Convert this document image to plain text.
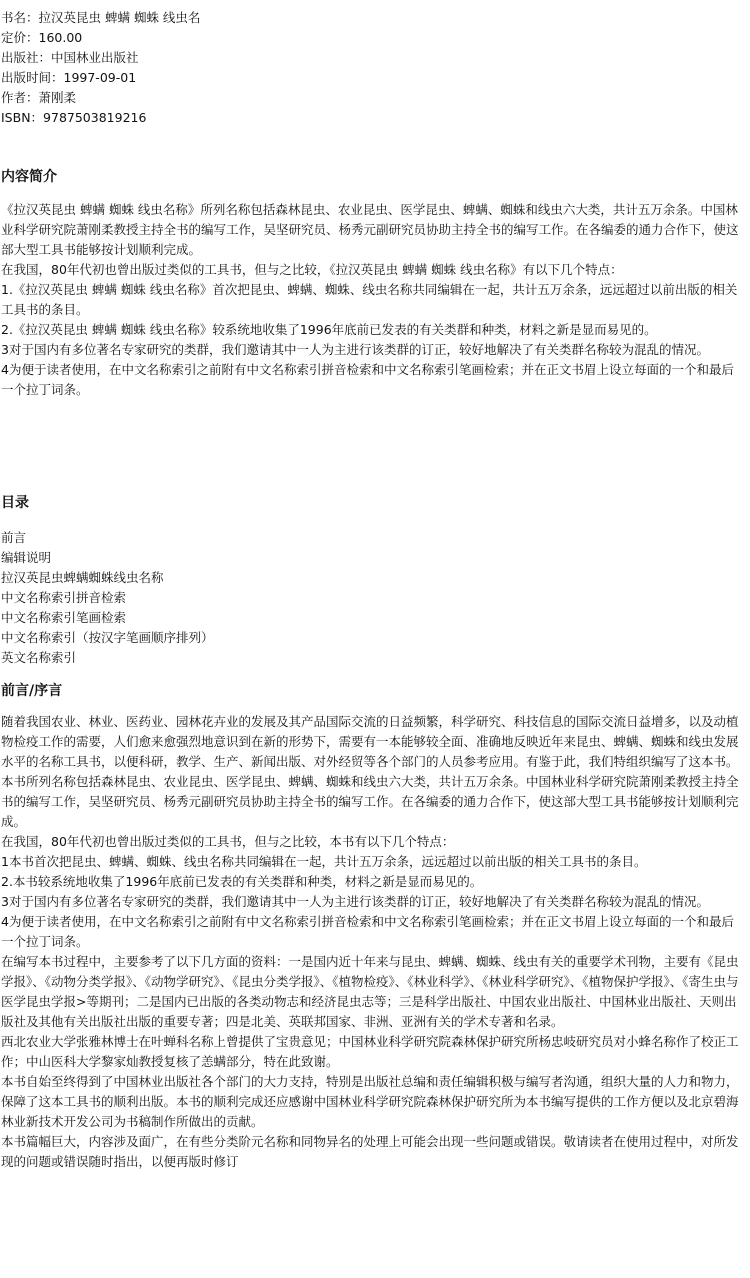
书名：拉汉英昆虫 蜱螨 蜘蛛 线虫名
定价：160.00
出版社：中国林业出版社
出版时间：1997-09-01
作者：萧刚柔
ISBN：9787503819216
内容简介

《拉汉英昆虫 蜱螨 蜘蛛 线虫名称》所列名称包括森林昆虫、农业昆虫、医学昆虫、蜱螨、蜘蛛和线虫六大类，共计五万余条。中国林业科学研究院萧刚柔教授主持全书的编写工作，吴坚研究员、杨秀元副研究员协助主持全书的编写工作。在各编委的通力合作下，使这部大型工具书能够按计划顺利完成。

在我国，80年代初也曾出版过类似的工具书，但与之比较，《拉汉英昆虫 蜱螨 蜘蛛 线虫名称》有以下几个特点：

1.《拉汉英昆虫 蜱螨 蜘蛛 线虫名称》首次把昆虫、蜱螨、蜘蛛、线虫名称共同编辑在一起，共计五万余条，远远超过以前出版的相关工具书的条目。

2.《拉汉英昆虫 蜱螨 蜘蛛 线虫名称》较系统地收集了1996年底前已发表的有关类群和种类，材料之新是显而易见的。

3对于国内有多位著名专家研究的类群，我们邀请其中一人为主进行该类群的订正，较好地解决了有关类群名称较为混乱的情况。

4为便于读者使用，在中文名称索引之前附有中文名称索引拼音检索和中文名称索引笔画检索；并在正文书眉上设立每面的一个和最后一个拉丁词条。

目录
前言
编辑说明
拉汉英昆虫蜱螨蜘蛛线虫名称
中文名称索引拼音检索
中文名称索引笔画检索
中文名称索引（按汉字笔画顺序排列）
英文名称索引
前言/序言

随着我国农业、林业、医药业、园林花卉业的发展及其产品国际交流的日益频繁，科学研究、科技信息的国际交流日益增多，以及动植物检疫工作的需要，人们愈来愈强烈地意识到在新的形势下，需要有一本能够较全面、准确地反映近年来昆虫、蜱螨、蜘蛛和线虫发展水平的名称工具书，以便科研，教学、生产、新闻出版、对外经贸等各个部门的人员参考应用。有鉴于此，我们特组织编写了这本书。

本书所列名称包括森林昆虫、农业昆虫、医学昆虫、蜱螨、蜘蛛和线虫六大类，共计五万余条。中国林业科学研究院萧刚柔教授主持全书的编写工作，吴坚研究员、杨秀元副研究员协助主持全书的编写工作。在各编委的通力合作下，使这部大型工具书能够按计划顺利完成。

在我国，80年代初也曾出版过类似的工具书，但与之比较，本书有以下几个特点：

1本书首次把昆虫、蜱螨、蜘蛛、线虫名称共同编辑在一起，共计五万余条，远远超过以前出版的相关工具书的条目。

2.本书较系统地收集了1996年底前已发表的有关类群和种类，材料之新是显而易见的。

3对于国内有多位著名专家研究的类群，我们邀请其中一人为主进行该类群的订正，较好地解决了有关类群名称较为混乱的情况。

4为便于读者使用，在中文名称索引之前附有中文名称索引拼音检索和中文名称索引笔画检索；并在正文书眉上设立每面的一个和最后一个拉丁词条。

在编写本书过程中，主要参考了以下几方面的资料：一是国内近十年来与昆虫、蜱螨、蜘蛛、线虫有关的重要学术刊物，主要有《昆虫学报》、《动物分类学报》、《动物学研究》、《昆虫分类学报》、《植物检疫》、《林业科学》、《林业科学研究》、《植物保护学报》、《寄生虫与医学昆虫学报>等期刊；二是国内已出版的各类动物志和经济昆虫志等；三是科学出版社、中国农业出版社、中国林业出版社、天则出版社及其他有关出版社出版的重要专著；四是北美、英联邦国家、非洲、亚洲有关的学术专著和名录。

西北农业大学张雅林博士在叶蝉科名称上曾提供了宝贵意见；中国林业科学研究院森林保护研究所杨忠岐研究员对小蜂名称作了校正工作；中山医科大学黎家灿教授复核了恙螨部分，特在此致谢。

本书自始至终得到了中国林业出版社各个部门的大力支持，特别是出版社总编和责任编辑积极与编写者沟通，组织大量的人力和物力，保障了这本工具书的顺利出版。本书的顺利完成还应感谢中国林业科学研究院森林保护研究所为本书编写提供的工作方便以及北京碧海林业新技术开发公司为书稿制作所做出的贡献。

本书篇幅巨大，内容涉及面广，在有些分类阶元名称和同物异名的处理上可能会出现一些问题或错误。敬请读者在使用过程中，对所发现的问题或错误随时指出，以便再版时修订
